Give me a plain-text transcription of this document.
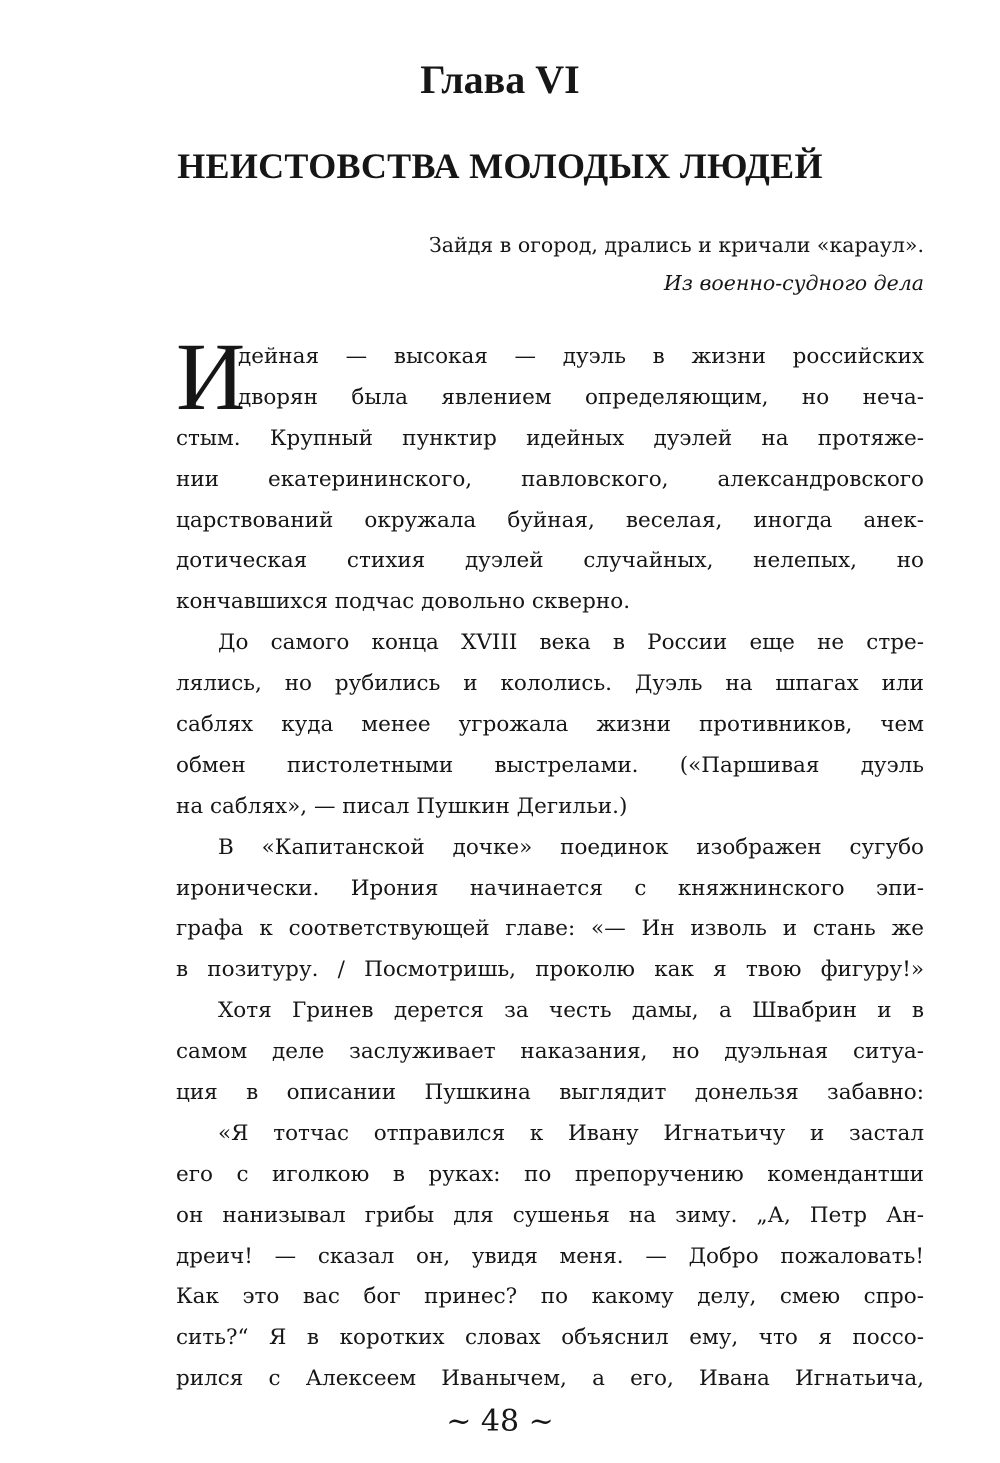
Глава VI
НЕИСТОВСТВА МОЛОДЫХ ЛЮДЕЙ
Зайдя в огород, дрались и кричали «караул».
Из военно-судного дела
И
дейная — высокая — дуэль в жизни российских
дворян была явлением определяющим, но неча-
стым. Крупный пунктир идейных дуэлей на протяже-
нии екатерининского, павловского, александровского
царствований окружала буйная, веселая, иногда анек-
дотическая стихия дуэлей случайных, нелепых, но
кончавшихся подчас довольно скверно.
До самого конца XVIII века в России еще не стре-
лялись, но рубились и кололись. Дуэль на шпагах или
саблях куда менее угрожала жизни противников, чем
обмен пистолетными выстрелами. («Паршивая дуэль
на саблях», — писал Пушкин Дегильи.)
В «Капитанской дочке» поединок изображен сугубо
иронически. Ирония начинается с княжнинского эпи-
графа к соответствующей главе: «— Ин изволь и стань же
в позитуру. / Посмотришь, проколю как я твою фигуру!»
Хотя Гринев дерется за честь дамы, а Швабрин и в
самом деле заслуживает наказания, но дуэльная ситуа-
ция в описании Пушкина выглядит донельзя забавно:
«Я тотчас отправился к Ивану Игнатьичу и застал
его с иголкою в руках: по препоручению комендантши
он нанизывал грибы для сушенья на зиму. „А, Петр Ан-
дреич! — сказал он, увидя меня. — Добро пожаловать!
Как это вас бог принес? по какому делу, смею спро-
сить?“ Я в коротких словах объяснил ему, что я поссо-
рился с Алексеем Иванычем, а его, Ивана Игнатьича,
~ 48 ~
